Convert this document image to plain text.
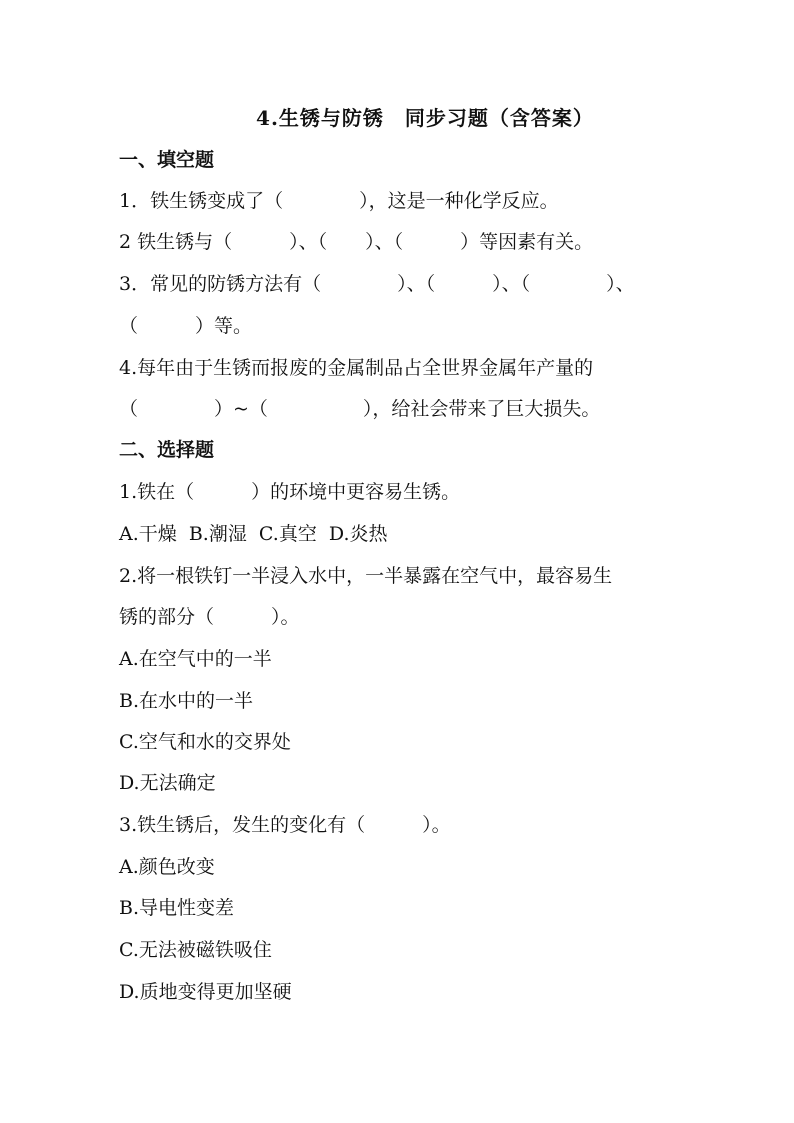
4.生锈与防锈　同步习题（含答案）
一、填空题
1．铁生锈变成了（　　　　），这是一种化学反应。
2 铁生锈与（　　　）、（　　）、（　　　）等因素有关。
3．常见的防锈方法有（　　　　）、（　　　）、（　　　　）、
（　　　）等。
4.每年由于生锈而报废的金属制品占全世界金属年产量的
（　　　　）~（　　　　　），给社会带来了巨大损失。
二、选择题
1.铁在（　　　）的环境中更容易生锈。
A.干燥  B.潮湿  C.真空  D.炎热
2.将一根铁钉一半浸入水中，一半暴露在空气中，最容易生
锈的部分（　　　）。
A.在空气中的一半
B.在水中的一半
C.空气和水的交界处
D.无法确定
3.铁生锈后，发生的变化有（　　　）。
A.颜色改变
B.导电性变差
C.无法被磁铁吸住
D.质地变得更加坚硬
